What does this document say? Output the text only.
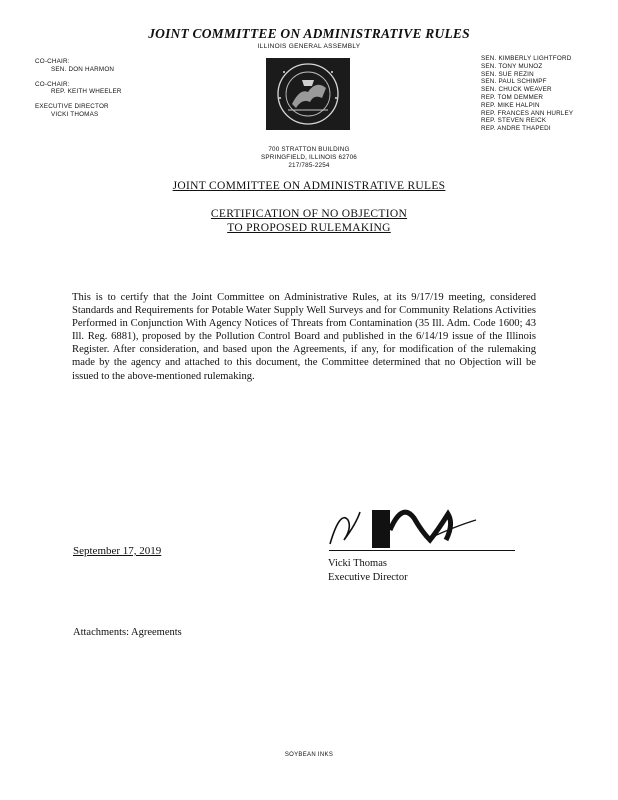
JOINT COMMITTEE ON ADMINISTRATIVE RULES
ILLINOIS GENERAL ASSEMBLY
CO-CHAIR:
SEN. DON HARMON
CO-CHAIR:
REP. KEITH WHEELER
EXECUTIVE DIRECTOR
VICKI THOMAS
SEN. KIMBERLY LIGHTFORD
SEN. TONY MUNOZ
SEN. SUE REZIN
SEN. PAUL SCHIMPF
SEN. CHUCK WEAVER
REP. TOM DEMMER
REP. MIKE HALPIN
REP. FRANCES ANN HURLEY
REP. STEVEN REICK
REP. ANDRE THAPEDI
700 STRATTON BUILDING
SPRINGFIELD, ILLINOIS 62706
217/785-2254
JOINT COMMITTEE ON ADMINISTRATIVE RULES
CERTIFICATION OF NO OBJECTION
TO PROPOSED RULEMAKING
This is to certify that the Joint Committee on Administrative Rules, at its 9/17/19 meeting, considered Standards and Requirements for Potable Water Supply Well Surveys and for Community Relations Activities Performed in Conjunction With Agency Notices of Threats from Contamination (35 Ill. Adm. Code 1600; 43 Ill. Reg. 6881), proposed by the Pollution Control Board and published in the 6/14/19 issue of the Illinois Register. After consideration, and based upon the Agreements, if any, for modification of the rulemaking made by the agency and attached to this document, the Committee determined that no Objection will be issued to the above-mentioned rulemaking.
September 17, 2019
Vicki Thomas
Executive Director
Attachments: Agreements
SOYBEAN INKS
